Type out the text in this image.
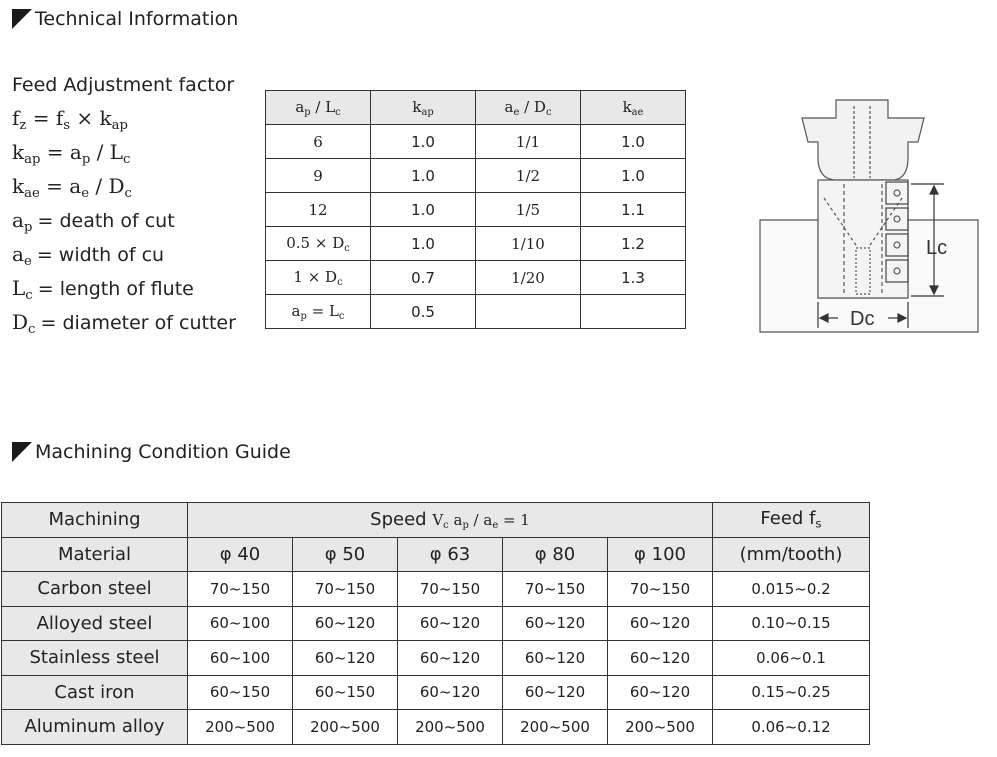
Technical Information
Machining Condition Guide
Feed Adjustment factor
$f_z = f_s \times k_{ap}$
$k_{ap} = a_p / L_c$
$k_{ae} = a_e / D_c$
$a_p$ = death of cut
$a_e$ = width of cu
$L_c$ = length of flute
$D_c$ = diameter of cutter
$a_p / L_c$	$k_{ap}$	$a_e / D_c$	$k_{ae}$
6	1.0	1/1	1.0
9	1.0	1/2	1.0
12	1.0	1/5	1.1
$0.5 \times D_c$	1.0	1/10	1.2
$1 \times D_c$	0.7	1/20	1.3
$a_p = L_c$	0.5		
Lc
Dc
Machining	Speed $V_c$ $a_p / a_e = 1$					Feed $f_s$
Material	φ 40	φ 50	φ 63	φ 80	φ 100	(mm/tooth)
Carbon steel	70~150	70~150	70~150	70~150	70~150	0.015~0.2
Alloyed steel	60~100	60~120	60~120	60~120	60~120	0.10~0.15
Stainless steel	60~100	60~120	60~120	60~120	60~120	0.06~0.1
Cast iron	60~150	60~150	60~120	60~120	60~120	0.15~0.25
Aluminum alloy	200~500	200~500	200~500	200~500	200~500	0.06~0.12
